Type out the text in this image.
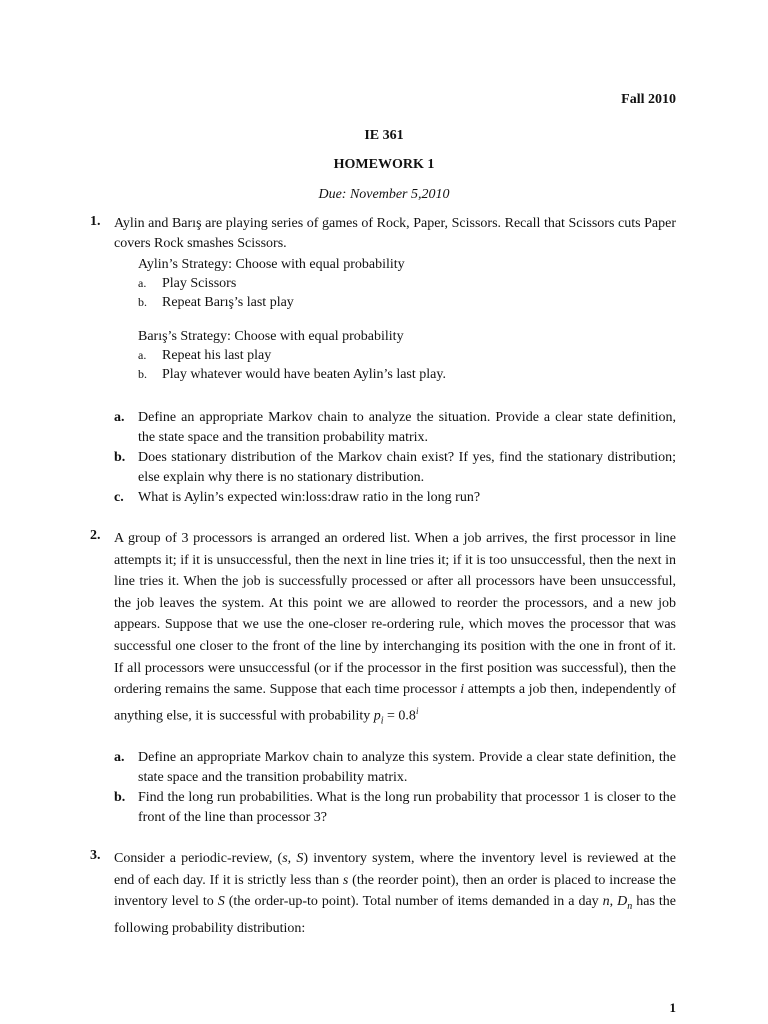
Fall 2010
IE 361
HOMEWORK 1
Due: November 5,2010
1. Aylin and Barış are playing series of games of Rock, Paper, Scissors. Recall that Scissors cuts Paper covers Rock smashes Scissors.
Aylin’s Strategy: Choose with equal probability
a. Play Scissors
b. Repeat Barış’s last play
Barış’s Strategy: Choose with equal probability
a. Repeat his last play
b. Play whatever would have beaten Aylin’s last play.
a. Define an appropriate Markov chain to analyze the situation. Provide a clear state definition, the state space and the transition probability matrix.
b. Does stationary distribution of the Markov chain exist? If yes, find the stationary distribution; else explain why there is no stationary distribution.
c.	What is Aylin’s expected win:loss:draw ratio in the long run?
2. A group of 3 processors is arranged an ordered list. When a job arrives, the first processor in line attempts it; if it is unsuccessful, then the next in line tries it; if it is too unsuccessful, then the next in line tries it. When the job is successfully processed or after all processors have been unsuccessful, the job leaves the system. At this point we are allowed to reorder the processors, and a new job appears. Suppose that we use the one-closer re-ordering rule, which moves the processor that was successful one closer to the front of the line by interchanging its position with the one in front of it. If all processors were unsuccessful (or if the processor in the first position was successful), then the ordering remains the same. Suppose that each time processor i attempts a job then, independently of anything else, it is successful with probability $p_i = 0.8^i$
a. Define an appropriate Markov chain to analyze this system. Provide a clear state definition, the state space and the transition probability matrix.
b. Find the long run probabilities. What is the long run probability that processor 1 is closer to the front of the line than processor 3?
3. Consider a periodic-review, (s, S) inventory system, where the inventory level is reviewed at the end of each day. If it is strictly less than s (the reorder point), then an order is placed to increase the inventory level to S (the order-up-to point). Total number of items demanded in a day n, $D_n$ has the following probability distribution:
1
